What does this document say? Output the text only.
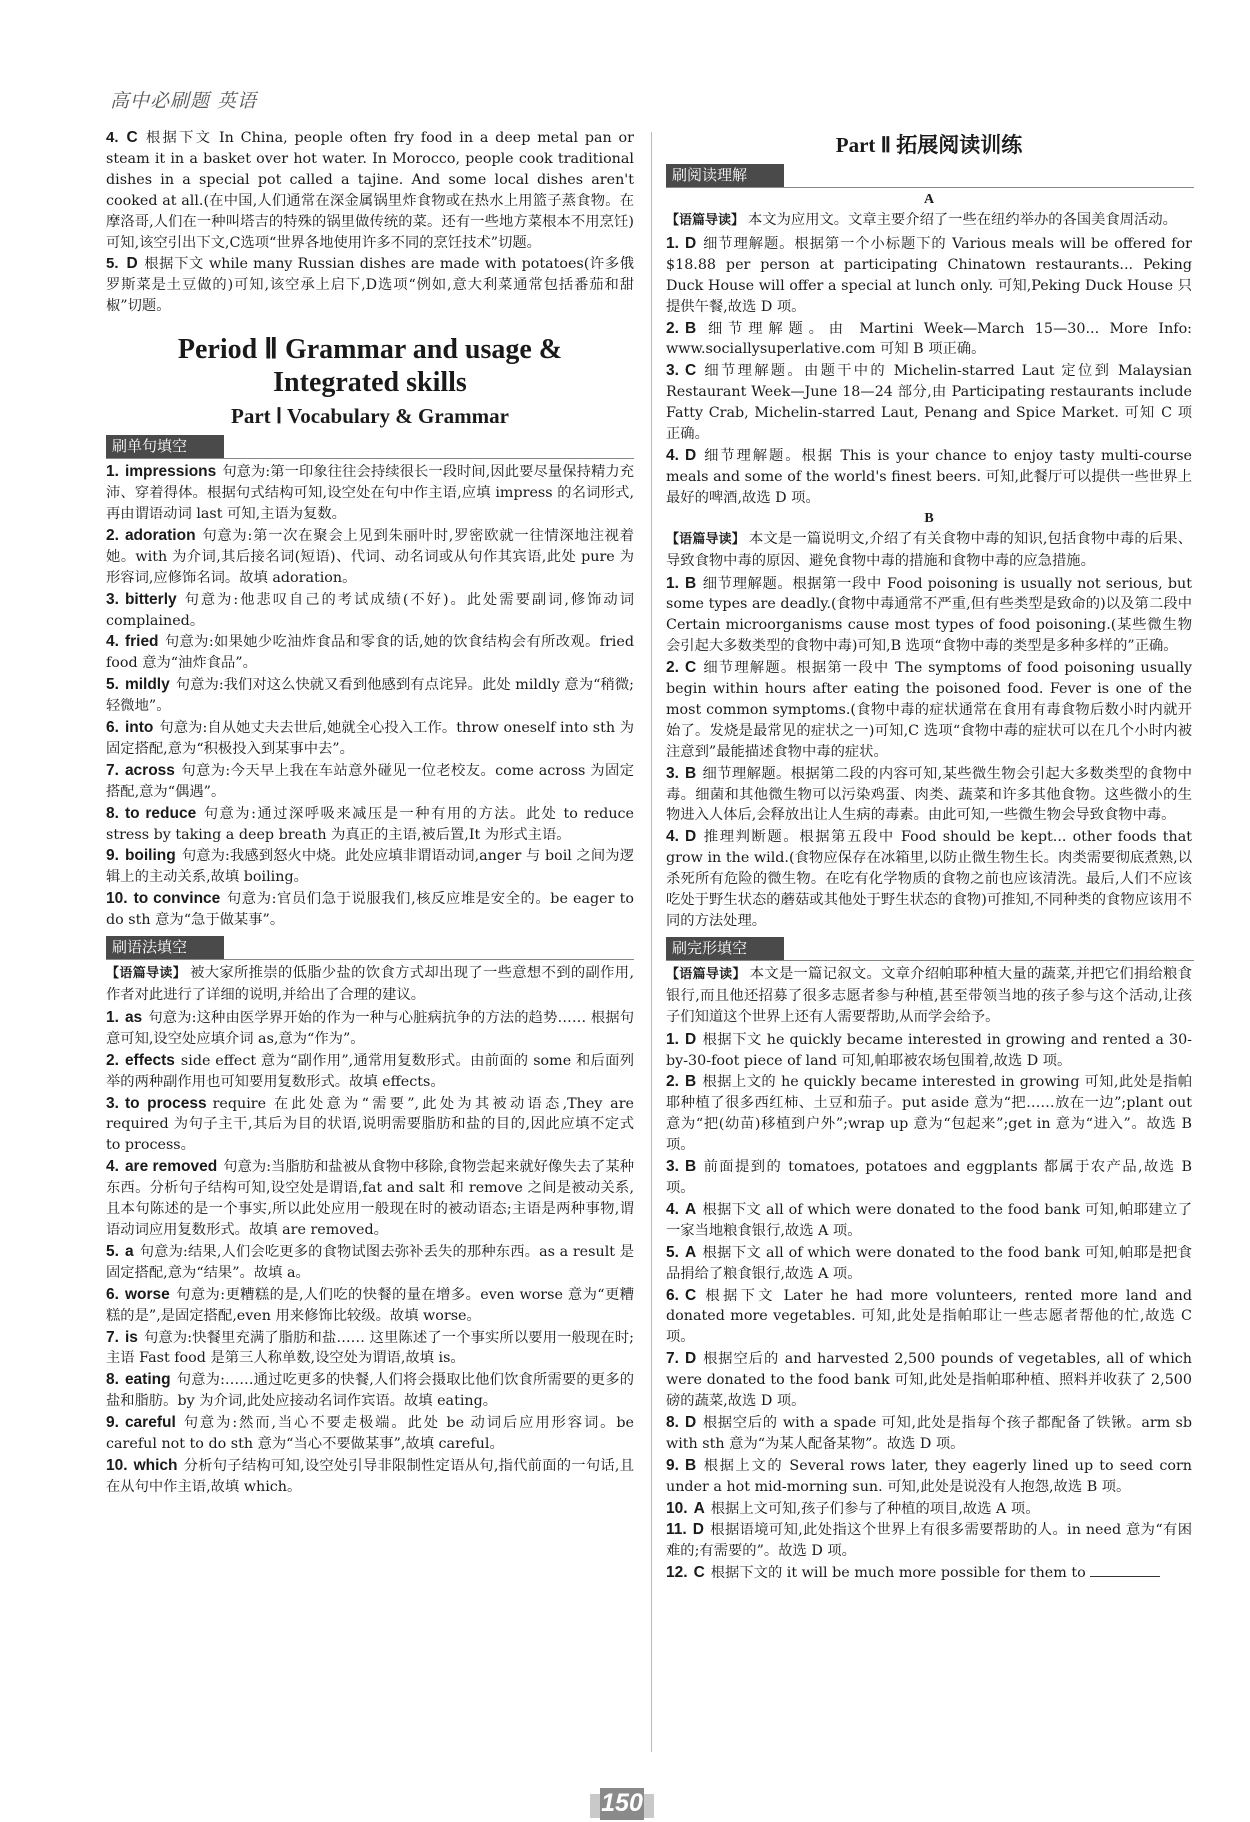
高中必刷题 英语
4. C 根据下文 In China, people often fry food in a deep metal pan or steam it in a basket over hot water. In Morocco, people cook traditional dishes in a special pot called a tajine. And some local dishes aren't cooked at all.(在中国,人们通常在深金属锅里炸食物或在热水上用篮子蒸食物。在摩洛哥,人们在一种叫塔吉的特殊的锅里做传统的菜。还有一些地方菜根本不用烹饪)可知,该空引出下文,C选项“世界各地使用许多不同的烹饪技术”切题。
5. D 根据下文 while many Russian dishes are made with potatoes(许多俄罗斯菜是土豆做的)可知,该空承上启下,D选项“例如,意大利菜通常包括番茄和甜椒”切题。
Period Ⅱ Grammar and usage &
Integrated skills
Part Ⅰ Vocabulary & Grammar
刷单句填空
1. impressions 句意为:第一印象往往会持续很长一段时间,因此要尽量保持精力充沛、穿着得体。根据句式结构可知,设空处在句中作主语,应填 impress 的名词形式,再由谓语动词 last 可知,主语为复数。
2. adoration 句意为:第一次在聚会上见到朱丽叶时,罗密欧就一往情深地注视着她。with 为介词,其后接名词(短语)、代词、动名词或从句作其宾语,此处 pure 为形容词,应修饰名词。故填 adoration。
3. bitterly 句意为:他悲叹自己的考试成绩(不好)。此处需要副词,修饰动词 complained。
4. fried 句意为:如果她少吃油炸食品和零食的话,她的饮食结构会有所改观。fried food 意为“油炸食品”。
5. mildly 句意为:我们对这么快就又看到他感到有点诧异。此处 mildly 意为“稍微;轻微地”。
6. into 句意为:自从她丈夫去世后,她就全心投入工作。throw oneself into sth 为固定搭配,意为“积极投入到某事中去”。
7. across 句意为:今天早上我在车站意外碰见一位老校友。come across 为固定搭配,意为“偶遇”。
8. to reduce 句意为:通过深呼吸来减压是一种有用的方法。此处 to reduce stress by taking a deep breath 为真正的主语,被后置,It 为形式主语。
9. boiling 句意为:我感到怒火中烧。此处应填非谓语动词,anger 与 boil 之间为逻辑上的主动关系,故填 boiling。
10. to convince 句意为:官员们急于说服我们,核反应堆是安全的。be eager to do sth 意为“急于做某事”。
刷语法填空
【语篇导读】 被大家所推崇的低脂少盐的饮食方式却出现了一些意想不到的副作用,作者对此进行了详细的说明,并给出了合理的建议。
1. as 句意为:这种由医学界开始的作为一种与心脏病抗争的方法的趋势…… 根据句意可知,设空处应填介词 as,意为“作为”。
2. effects side effect 意为“副作用”,通常用复数形式。由前面的 some 和后面列举的两种副作用也可知要用复数形式。故填 effects。
3. to process require 在此处意为“需要”,此处为其被动语态,They are required 为句子主干,其后为目的状语,说明需要脂肪和盐的目的,因此应填不定式 to process。
4. are removed 句意为:当脂肪和盐被从食物中移除,食物尝起来就好像失去了某种东西。分析句子结构可知,设空处是谓语,fat and salt 和 remove 之间是被动关系,且本句陈述的是一个事实,所以此处应用一般现在时的被动语态;主语是两种事物,谓语动词应用复数形式。故填 are removed。
5. a 句意为:结果,人们会吃更多的食物试图去弥补丢失的那种东西。as a result 是固定搭配,意为“结果”。故填 a。
6. worse 句意为:更糟糕的是,人们吃的快餐的量在增多。even worse 意为“更糟糕的是”,是固定搭配,even 用来修饰比较级。故填 worse。
7. is 句意为:快餐里充满了脂肪和盐…… 这里陈述了一个事实所以要用一般现在时;主语 Fast food 是第三人称单数,设空处为谓语,故填 is。
8. eating 句意为:……通过吃更多的快餐,人们将会摄取比他们饮食所需要的更多的盐和脂肪。by 为介词,此处应接动名词作宾语。故填 eating。
9. careful 句意为:然而,当心不要走极端。此处 be 动词后应用形容词。be careful not to do sth 意为“当心不要做某事”,故填 careful。
10. which 分析句子结构可知,设空处引导非限制性定语从句,指代前面的一句话,且在从句中作主语,故填 which。
Part Ⅱ 拓展阅读训练
刷阅读理解
A
【语篇导读】 本文为应用文。文章主要介绍了一些在纽约举办的各国美食周活动。
1. D 细节理解题。根据第一个小标题下的 Various meals will be offered for $18.88 per person at participating Chinatown restaurants... Peking Duck House will offer a special at lunch only. 可知,Peking Duck House 只提供午餐,故选 D 项。
2. B 细节理解题。由 Martini Week—March 15—30... More Info: www.sociallysuperlative.com 可知 B 项正确。
3. C 细节理解题。由题干中的 Michelin-starred Laut 定位到 Malaysian Restaurant Week—June 18—24 部分,由 Participating restaurants include Fatty Crab, Michelin-starred Laut, Penang and Spice Market. 可知 C 项正确。
4. D 细节理解题。根据 This is your chance to enjoy tasty multi-course meals and some of the world's finest beers. 可知,此餐厅可以提供一些世界上最好的啤酒,故选 D 项。
B
【语篇导读】 本文是一篇说明文,介绍了有关食物中毒的知识,包括食物中毒的后果、导致食物中毒的原因、避免食物中毒的措施和食物中毒的应急措施。
1. B 细节理解题。根据第一段中 Food poisoning is usually not serious, but some types are deadly.(食物中毒通常不严重,但有些类型是致命的)以及第二段中 Certain microorganisms cause most types of food poisoning.(某些微生物会引起大多数类型的食物中毒)可知,B 选项“食物中毒的类型是多种多样的”正确。
2. C 细节理解题。根据第一段中 The symptoms of food poisoning usually begin within hours after eating the poisoned food. Fever is one of the most common symptoms.(食物中毒的症状通常在食用有毒食物后数小时内就开始了。发烧是最常见的症状之一)可知,C 选项“食物中毒的症状可以在几个小时内被注意到”最能描述食物中毒的症状。
3. B 细节理解题。根据第二段的内容可知,某些微生物会引起大多数类型的食物中毒。细菌和其他微生物可以污染鸡蛋、肉类、蔬菜和许多其他食物。这些微小的生物进入人体后,会释放出让人生病的毒素。由此可知,一些微生物会导致食物中毒。
4. D 推理判断题。根据第五段中 Food should be kept... other foods that grow in the wild.(食物应保存在冰箱里,以防止微生物生长。肉类需要彻底煮熟,以杀死所有危险的微生物。在吃有化学物质的食物之前也应该清洗。最后,人们不应该吃处于野生状态的蘑菇或其他处于野生状态的食物)可推知,不同种类的食物应该用不同的方法处理。
刷完形填空
【语篇导读】 本文是一篇记叙文。文章介绍帕耶种植大量的蔬菜,并把它们捐给粮食银行,而且他还招募了很多志愿者参与种植,甚至带领当地的孩子参与这个活动,让孩子们知道这个世界上还有人需要帮助,从而学会给予。
1. D 根据下文 he quickly became interested in growing and rented a 30-by-30-foot piece of land 可知,帕耶被农场包围着,故选 D 项。
2. B 根据上文的 he quickly became interested in growing 可知,此处是指帕耶种植了很多西红柿、土豆和茄子。put aside 意为“把……放在一边”;plant out 意为“把(幼苗)移植到户外”;wrap up 意为“包起来”;get in 意为“进入”。故选 B 项。
3. B 前面提到的 tomatoes, potatoes and eggplants 都属于农产品,故选 B 项。
4. A 根据下文 all of which were donated to the food bank 可知,帕耶建立了一家当地粮食银行,故选 A 项。
5. A 根据下文 all of which were donated to the food bank 可知,帕耶是把食品捐给了粮食银行,故选 A 项。
6. C 根据下文 Later he had more volunteers, rented more land and donated more vegetables. 可知,此处是指帕耶让一些志愿者帮他的忙,故选 C 项。
7. D 根据空后的 and harvested 2,500 pounds of vegetables, all of which were donated to the food bank 可知,此处是指帕耶种植、照料并收获了 2,500 磅的蔬菜,故选 D 项。
8. D 根据空后的 with a spade 可知,此处是指每个孩子都配备了铁锹。arm sb with sth 意为“为某人配备某物”。故选 D 项。
9. B 根据上文的 Several rows later, they eagerly lined up to seed corn under a hot mid-morning sun. 可知,此处是说没有人抱怨,故选 B 项。
10. A 根据上文可知,孩子们参与了种植的项目,故选 A 项。
11. D 根据语境可知,此处指这个世界上有很多需要帮助的人。in need 意为“有困难的;有需要的”。故选 D 项。
12. C 根据下文的 it will be much more possible for them to
150
